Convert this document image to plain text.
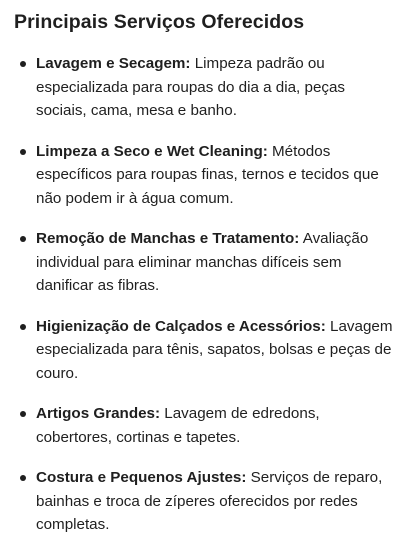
Principais Serviços Oferecidos
Lavagem e Secagem: Limpeza padrão ou especializada para roupas do dia a dia, peças sociais, cama, mesa e banho.
Limpeza a Seco e Wet Cleaning: Métodos específicos para roupas finas, ternos e tecidos que não podem ir à água comum.
Remoção de Manchas e Tratamento: Avaliação individual para eliminar manchas difíceis sem danificar as fibras.
Higienização de Calçados e Acessórios: Lavagem especializada para tênis, sapatos, bolsas e peças de couro.
Artigos Grandes: Lavagem de edredons, cobertores, cortinas e tapetes.
Costura e Pequenos Ajustes: Serviços de reparo, bainhas e troca de zíperes oferecidos por redes completas.
